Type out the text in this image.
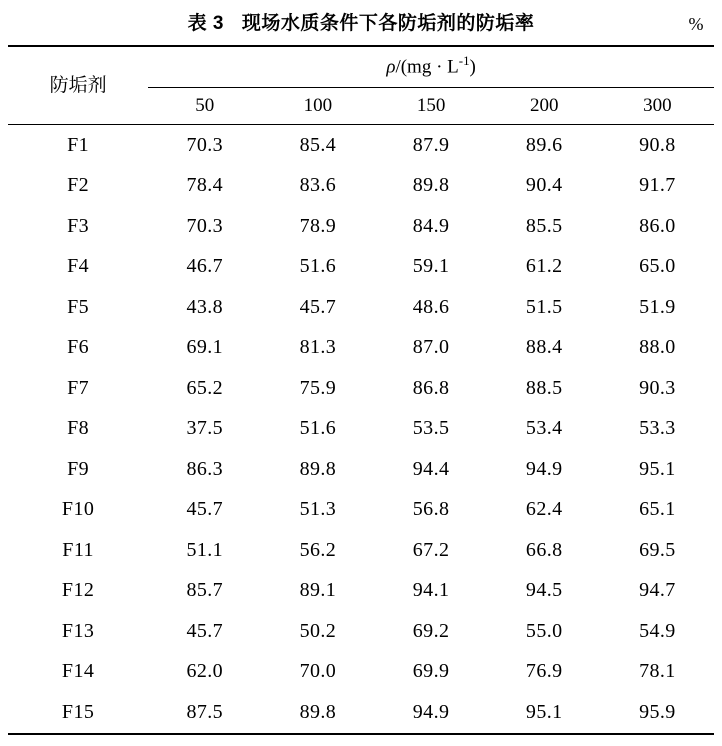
表 3 现场水质条件下各防垢剂的防垢率	%

防垢剂	$\rho/(mg \cdot L^{-1})$				

	50	100	150	200	300

F1	70.3	85.4	87.9	89.6	90.8
F2	78.4	83.6	89.8	90.4	91.7
F3	70.3	78.9	84.9	85.5	86.0
F4	46.7	51.6	59.1	61.2	65.0
F5	43.8	45.7	48.6	51.5	51.9
F6	69.1	81.3	87.0	88.4	88.0
F7	65.2	75.9	86.8	88.5	90.3
F8	37.5	51.6	53.5	53.4	53.3
F9	86.3	89.8	94.4	94.9	95.1
F10	45.7	51.3	56.8	62.4	65.1
F11	51.1	56.2	67.2	66.8	69.5
F12	85.7	89.1	94.1	94.5	94.7
F13	45.7	50.2	69.2	55.0	54.9
F14	62.0	70.0	69.9	76.9	78.1
F15	87.5	89.8	94.9	95.1	95.9
